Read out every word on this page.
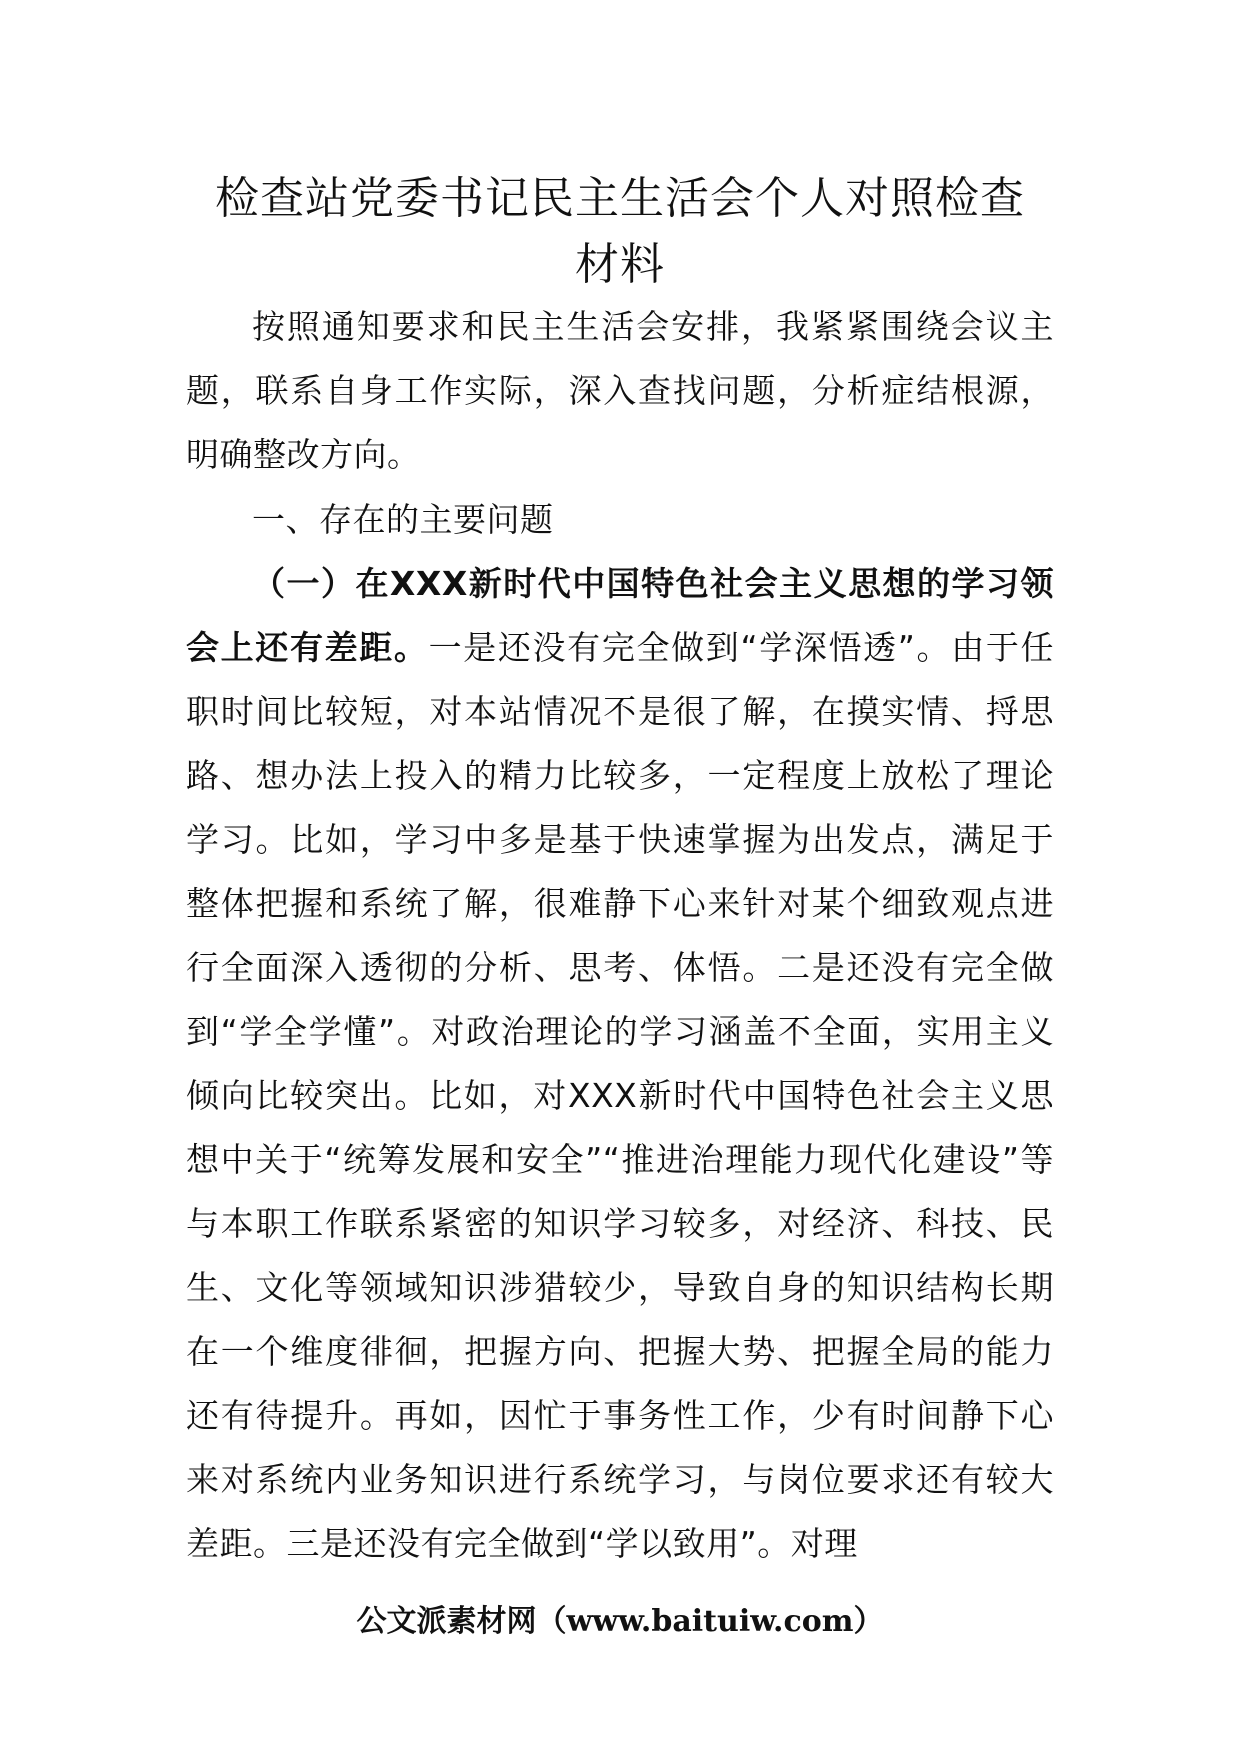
检查站党委书记民主生活会个人对照检查
材料

按照通知要求和民主生活会安排，我紧紧围绕会议主题，联系自身工作实际，深入查找问题，分析症结根源，明确整改方向。

一、存在的主要问题

（一）在XXX新时代中国特色社会主义思想的学习领会上还有差距。一是还没有完全做到“学深悟透”。由于任职时间比较短，对本站情况不是很了解，在摸实情、捋思路、想办法上投入的精力比较多，一定程度上放松了理论学习。比如，学习中多是基于快速掌握为出发点，满足于整体把握和系统了解，很难静下心来针对某个细致观点进行全面深入透彻的分析、思考、体悟。二是还没有完全做到“学全学懂”。对政治理论的学习涵盖不全面，实用主义倾向比较突出。比如，对XXX新时代中国特色社会主义思想中关于“统筹发展和安全”“推进治理能力现代化建设”等与本职工作联系紧密的知识学习较多，对经济、科技、民生、文化等领域知识涉猎较少，导致自身的知识结构长期在一个维度徘徊，把握方向、把握大势、把握全局的能力还有待提升。再如，因忙于事务性工作，少有时间静下心来对系统内业务知识进行系统学习，与岗位要求还有较大差距。三是还没有完全做到“学以致用”。对理

公文派素材网（www.baituiw.com）
